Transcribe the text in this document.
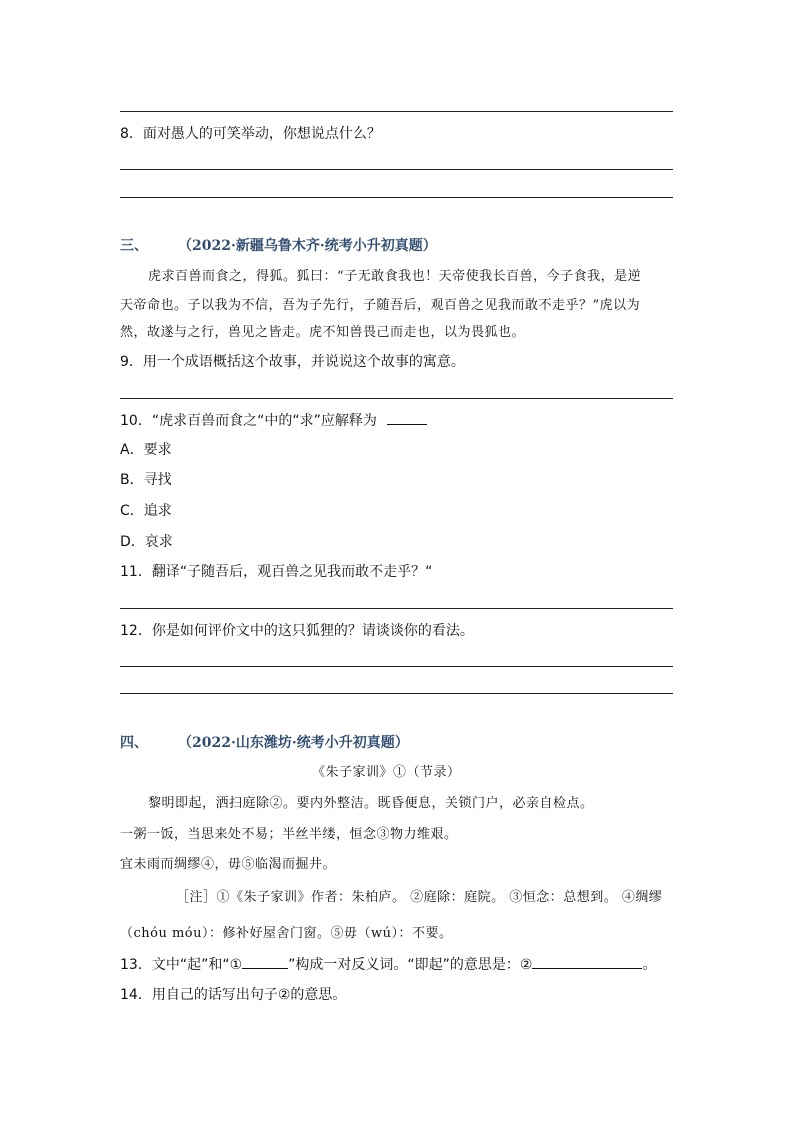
8．面对愚人的可笑举动，你想说点什么？
三、 （2022·新疆乌鲁木齐·统考小升初真题）
虎求百兽而食之，得狐。狐曰：“子无敢食我也！天帝使我长百兽，今子食我，是逆
天帝命也。子以我为不信，吾为子先行，子随吾后，观百兽之见我而敢不走乎？”虎以为
然，故遂与之行，兽见之皆走。虎不知兽畏己而走也，以为畏狐也。
9．用一个成语概括这个故事，并说说这个故事的寓意。
10．“虎求百兽而食之“中的“求”应解释为
A．要求
B．寻找
C．追求
D．哀求
11．翻译“子随吾后，观百兽之见我而敢不走乎？“
12．你是如何评价文中的这只狐狸的？请谈谈你的看法。
四、 （2022·山东潍坊·统考小升初真题）
《朱子家训》①（节录）
黎明即起，洒扫庭除②。要内外整洁。既昏便息，关锁门户，必亲自检点。
一粥一饭，当思来处不易；半丝半缕，恒念③物力维艰。
宜未雨而绸缪④，毋⑤临渴而掘井。
［注］①《朱子家训》作者：朱柏庐。 ②庭除：庭院。 ③恒念：总想到。 ④绸缪
（chóu móu）：修补好屋舍门窗。⑤毋（wú）：不要。
13．文中“起”和“①	”构成一对反义词。“即起”的意思是：②	。
14．用自己的话写出句子②的意思。
